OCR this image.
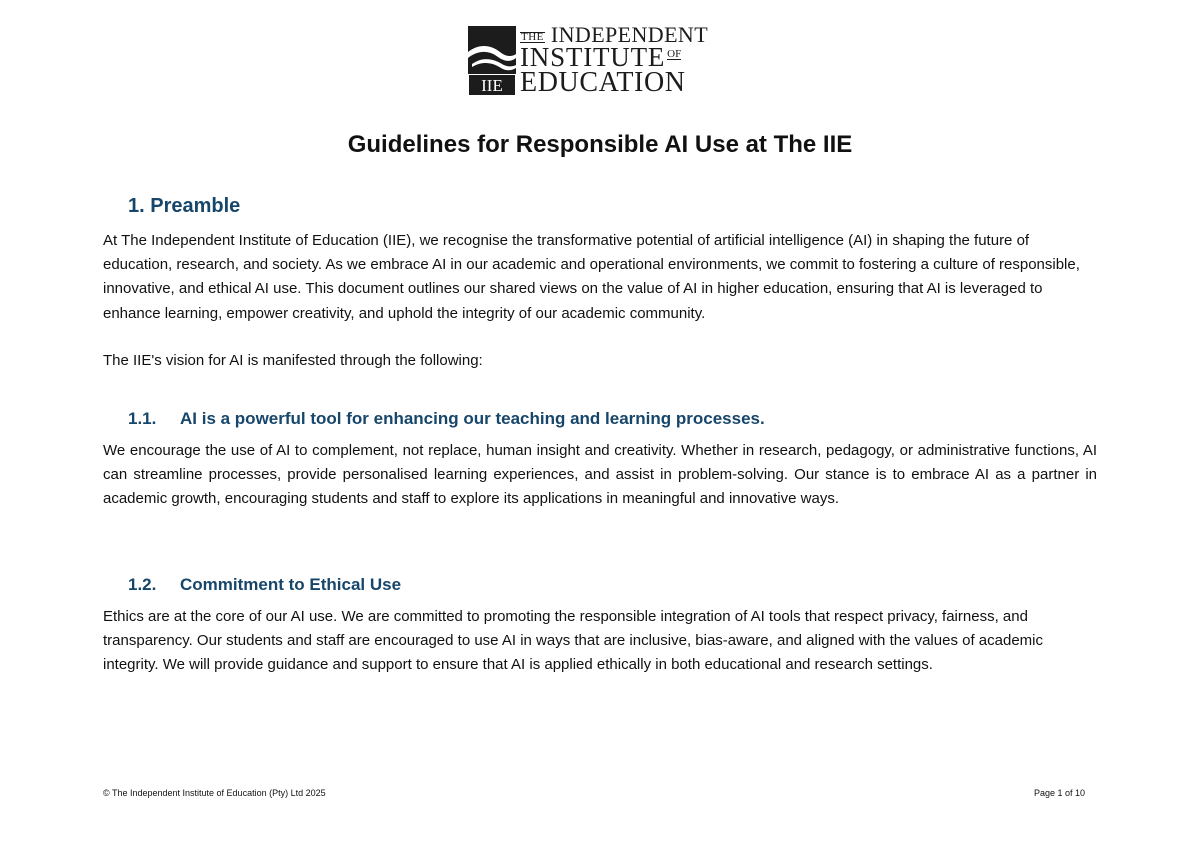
IIE
THE INDEPENDENT
INSTITUTE OF
EDUCATION
Guidelines for Responsible AI Use at The IIE
1. Preamble

At The Independent Institute of Education (IIE), we recognise the transformative potential of artificial intelligence (AI) in shaping the future of education, research, and society. As we embrace AI in our academic and operational environments, we commit to fostering a culture of responsible, innovative, and ethical AI use. This document outlines our shared views on the value of AI in higher education, ensuring that AI is leveraged to enhance learning, empower creativity, and uphold the integrity of our academic community.

The IIE's vision for AI is manifested through the following:

1.1. AI is a powerful tool for enhancing our teaching and learning processes.

We encourage the use of AI to complement, not replace, human insight and creativity. Whether in research, pedagogy, or administrative functions, AI can streamline processes, provide personalised learning experiences, and assist in problem-solving. Our stance is to embrace AI as a partner in academic growth, encouraging students and staff to explore its applications in meaningful and innovative ways.

1.2. Commitment to Ethical Use

Ethics are at the core of our AI use. We are committed to promoting the responsible integration of AI tools that respect privacy, fairness, and transparency. Our students and staff are encouraged to use AI in ways that are inclusive, bias-aware, and aligned with the values of academic integrity. We will provide guidance and support to ensure that AI is applied ethically in both educational and research settings.

© The Independent Institute of Education (Pty) Ltd 2025	Page 1 of 10
